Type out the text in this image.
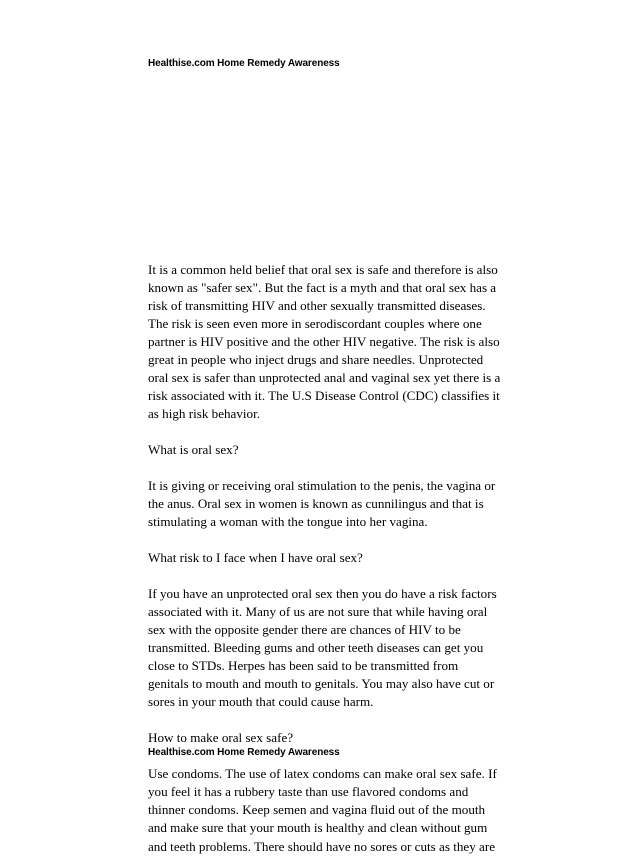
Healthise.com Home Remedy Awareness
It is a common held belief that oral sex is safe and therefore is also
known as "safer sex". But the fact is a myth and that oral sex has a
risk of transmitting HIV and other sexually transmitted diseases.
The risk is seen even more in serodiscordant couples where one
partner is HIV positive and the other HIV negative. The risk is also
great in people who inject drugs and share needles. Unprotected
oral sex is safer than unprotected anal and vaginal sex yet there is a
risk associated with it. The U.S Disease Control (CDC) classifies it
as high risk behavior.
What is oral sex?
It is giving or receiving oral stimulation to the penis, the vagina or
the anus. Oral sex in women is known as cunnilingus and that is
stimulating a woman with the tongue into her vagina.
What risk to I face when I have oral sex?
If you have an unprotected oral sex then you do have a risk factors
associated with it. Many of us are not sure that while having oral
sex with the opposite gender there are chances of HIV to be
transmitted. Bleeding gums and other teeth diseases can get you
close to STDs. Herpes has been said to be transmitted from
genitals to mouth and mouth to genitals. You may also have cut or
sores in your mouth that could cause harm.
How to make oral sex safe?
Use condoms. The use of latex condoms can make oral sex safe. If
you feel it has a rubbery taste than use flavored condoms and
thinner condoms. Keep semen and vagina fluid out of the mouth
and make sure that your mouth is healthy and clean without gum
and teeth problems. There should have no sores or cuts as they are
Healthise.com Home Remedy Awareness
